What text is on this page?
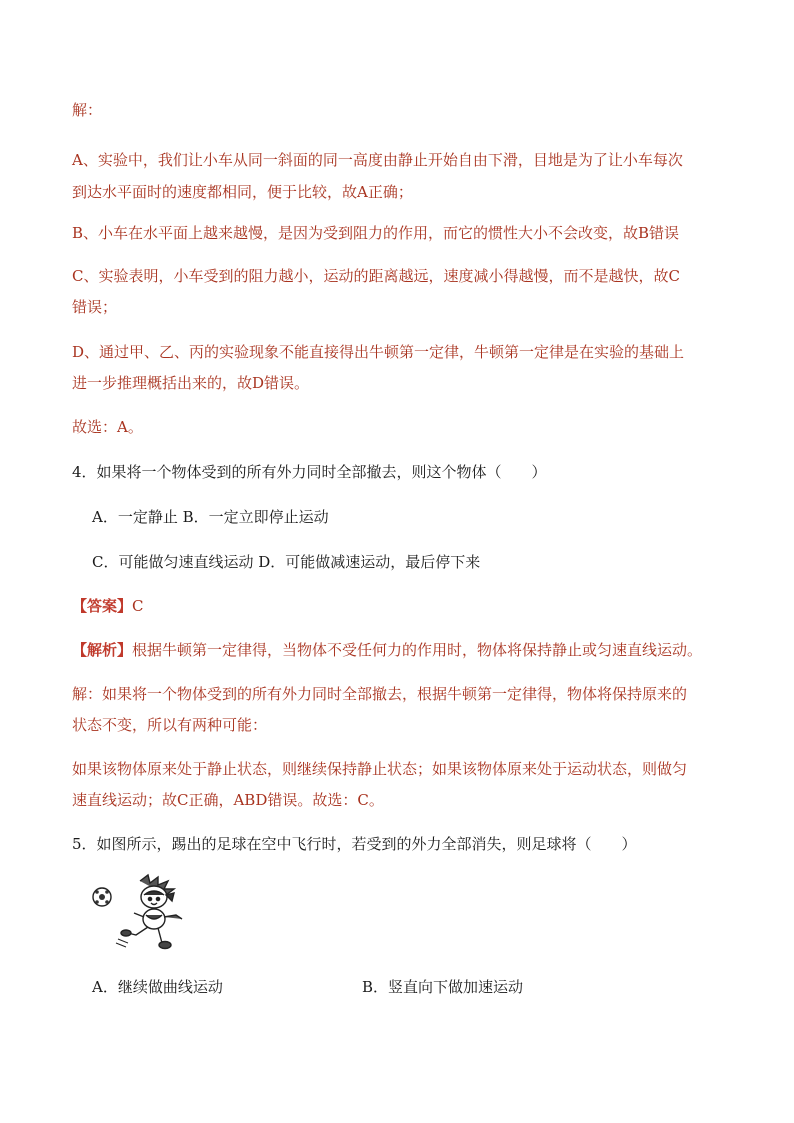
解：
A、实验中，我们让小车从同一斜面的同一高度由静止开始自由下滑，目地是为了让小车每次
到达水平面时的速度都相同，便于比较，故A正确；
B、小车在水平面上越来越慢，是因为受到阻力的作用，而它的惯性大小不会改变，故B错误
C、实验表明，小车受到的阻力越小，运动的距离越远，速度减小得越慢，而不是越快，故C
错误；
D、通过甲、乙、丙的实验现象不能直接得出牛顿第一定律，牛顿第一定律是在实验的基础上
进一步推理概括出来的，故D错误。
故选：A。
4．如果将一个物体受到的所有外力同时全部撤去，则这个物体（　　）
A．一定静止 B．一定立即停止运动
C．可能做匀速直线运动 D．可能做减速运动，最后停下来
【答案】C
【解析】根据牛顿第一定律得，当物体不受任何力的作用时，物体将保持静止或匀速直线运动。
解：如果将一个物体受到的所有外力同时全部撤去，根据牛顿第一定律得，物体将保持原来的
状态不变，所以有两种可能：
如果该物体原来处于静止状态，则继续保持静止状态；如果该物体原来处于运动状态，则做匀
速直线运动；故C正确，ABD错误。故选：C。
5．如图所示，踢出的足球在空中飞行时，若受到的外力全部消失，则足球将（　　）
A．继续做曲线运动	B．竖直向下做加速运动
